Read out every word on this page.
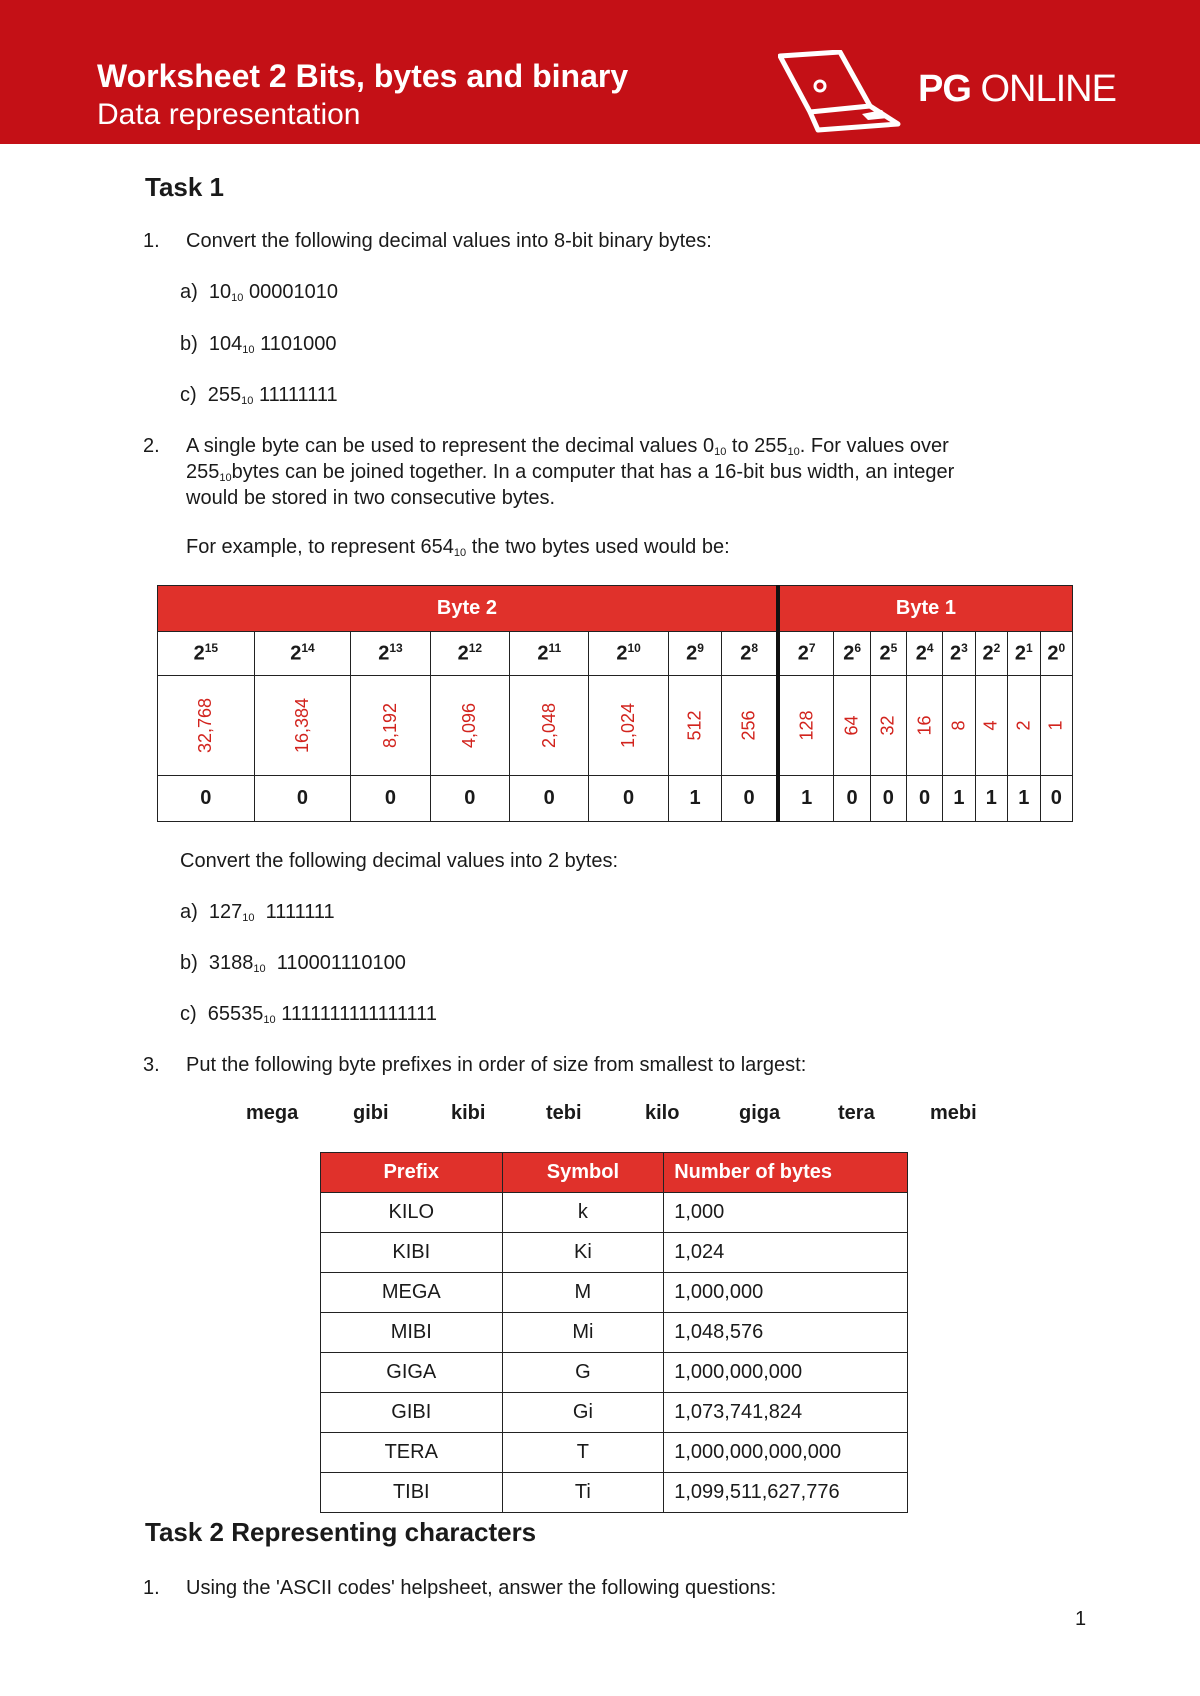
Worksheet 2 Bits, bytes and binary
Data representation
PG ONLINE
Task 1
1. Convert the following decimal values into 8-bit binary bytes:
a) $10_{10}$ 00001010
b) $104_{10}$ 1101000
c) $255_{10}$ 11111111
2. A single byte can be used to represent the decimal values $0_{10}$ to $255_{10}$. For values over
$255_{10}bytes$ can be joined together. In a computer that has a 16-bit bus width, an integer
would be stored in two consecutive bytes.
For example, to represent $654_{10}$ the two bytes used would be:
Byte 2								Byte 1							
$2^{15}$	$2^{14}$	$2^{13}$	$2^{12}$	$2^{11}$	$2^{10}$	$2^9$	$2^8$	$2^7$	$2^6$	$2^5$	$2^4$	$2^3$	$2^2$	$2^1$	$2^0$
32,768	16,384	8,192	4,096	2,048	1,024	512	256	128	64	32	16	8	4	2	1
0	0	0	0	0	0	1	0	1	0	0	0	1	1	1	0
Convert the following decimal values into 2 bytes:
a) $127_{10}$ 1111111
b) $3188_{10}$ 110001110100
c) $65535_{10}$ 1111111111111111
3. Put the following byte prefixes in order of size from smallest to largest:
mega	gibi	kibi	tebi	kilo	giga	tera	mebi
Prefix	Symbol	Number of bytes
KILO	k	1,000
KIBI	Ki	1,024
MEGA	M	1,000,000
MIBI	Mi	1,048,576
GIGA	G	1,000,000,000
GIBI	Gi	1,073,741,824
TERA	T	1,000,000,000,000
TIBI	Ti	1,099,511,627,776
Task 2 Representing characters
1. Using the 'ASCII codes' helpsheet, answer the following questions:
1
